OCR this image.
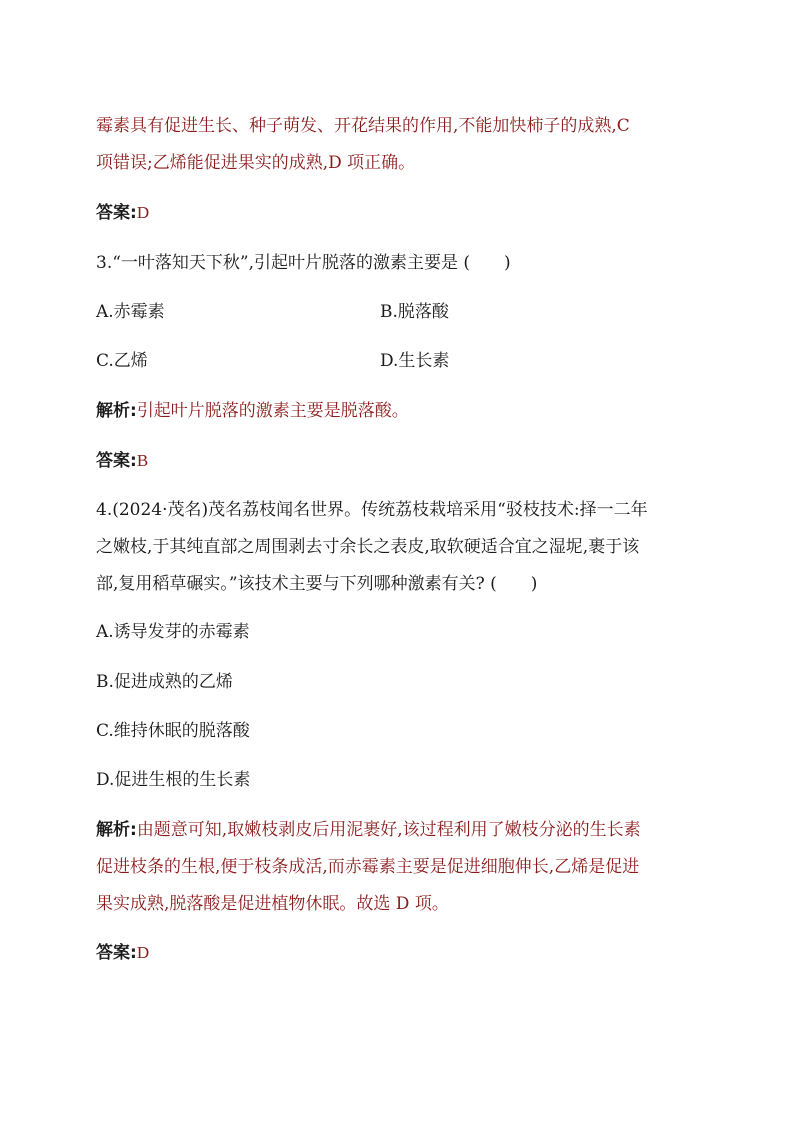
霉素具有促进生长、种子萌发、开花结果的作用,不能加快柿子的成熟,C
项错误;乙烯能促进果实的成熟,D 项正确。
答案:D
3.“一叶落知天下秋”,引起叶片脱落的激素主要是 (　　)
A.赤霉素	B.脱落酸
C.乙烯	D.生长素
解析:引起叶片脱落的激素主要是脱落酸。
答案:B
4.(2024·茂名)茂名荔枝闻名世界。传统荔枝栽培采用“驳枝技术:择一二年
之嫩枝,于其纯直部之周围剥去寸余长之表皮,取软硬适合宜之湿坭,裹于该
部,复用稻草碾实。”该技术主要与下列哪种激素有关? (　　)
A.诱导发芽的赤霉素
B.促进成熟的乙烯
C.维持休眠的脱落酸
D.促进生根的生长素
解析:由题意可知,取嫩枝剥皮后用泥裹好,该过程利用了嫩枝分泌的生长素
促进枝条的生根,便于枝条成活,而赤霉素主要是促进细胞伸长,乙烯是促进
果实成熟,脱落酸是促进植物休眠。故选 D 项。
答案:D
